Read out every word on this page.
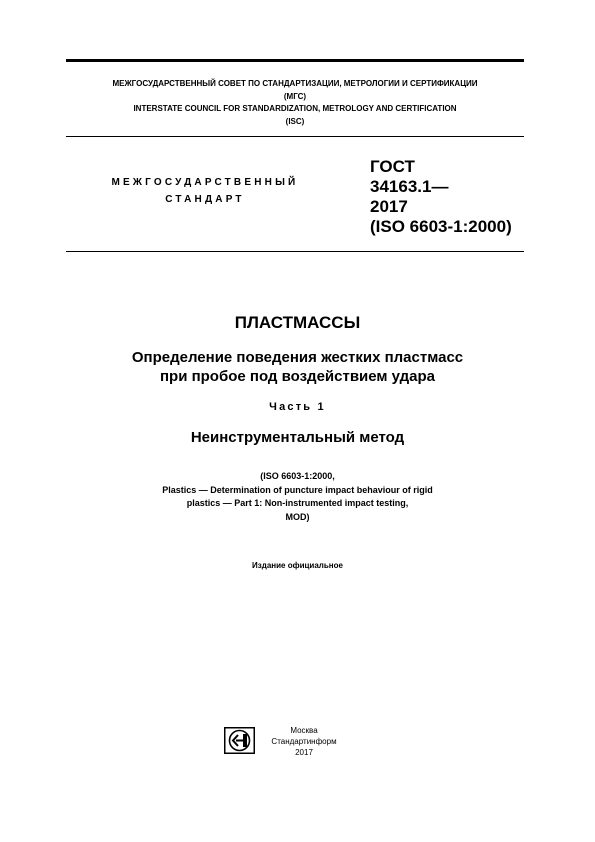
МЕЖГОСУДАРСТВЕННЫЙ СОВЕТ ПО СТАНДАРТИЗАЦИИ, МЕТРОЛОГИИ И СЕРТИФИКАЦИИ
(МГС)
INTERSTATE COUNCIL FOR STANDARDIZATION, METROLOGY AND CERTIFICATION
(ISC)
МЕЖГОСУДАРСТВЕННЫЙ
СТАНДАРТ
ГОСТ
34163.1—
2017
(ISO 6603-1:2000)
ПЛАСТМАССЫ
Определение поведения жестких пластмасс
при пробое под воздействием удара
Часть 1
Неинструментальный метод
(ISO 6603-1:2000,
Plastics — Determination of puncture impact behaviour of rigid
plastics — Part 1: Non-instrumented impact testing,
MOD)
Издание официальное
Москва
Стандартинформ
2017
